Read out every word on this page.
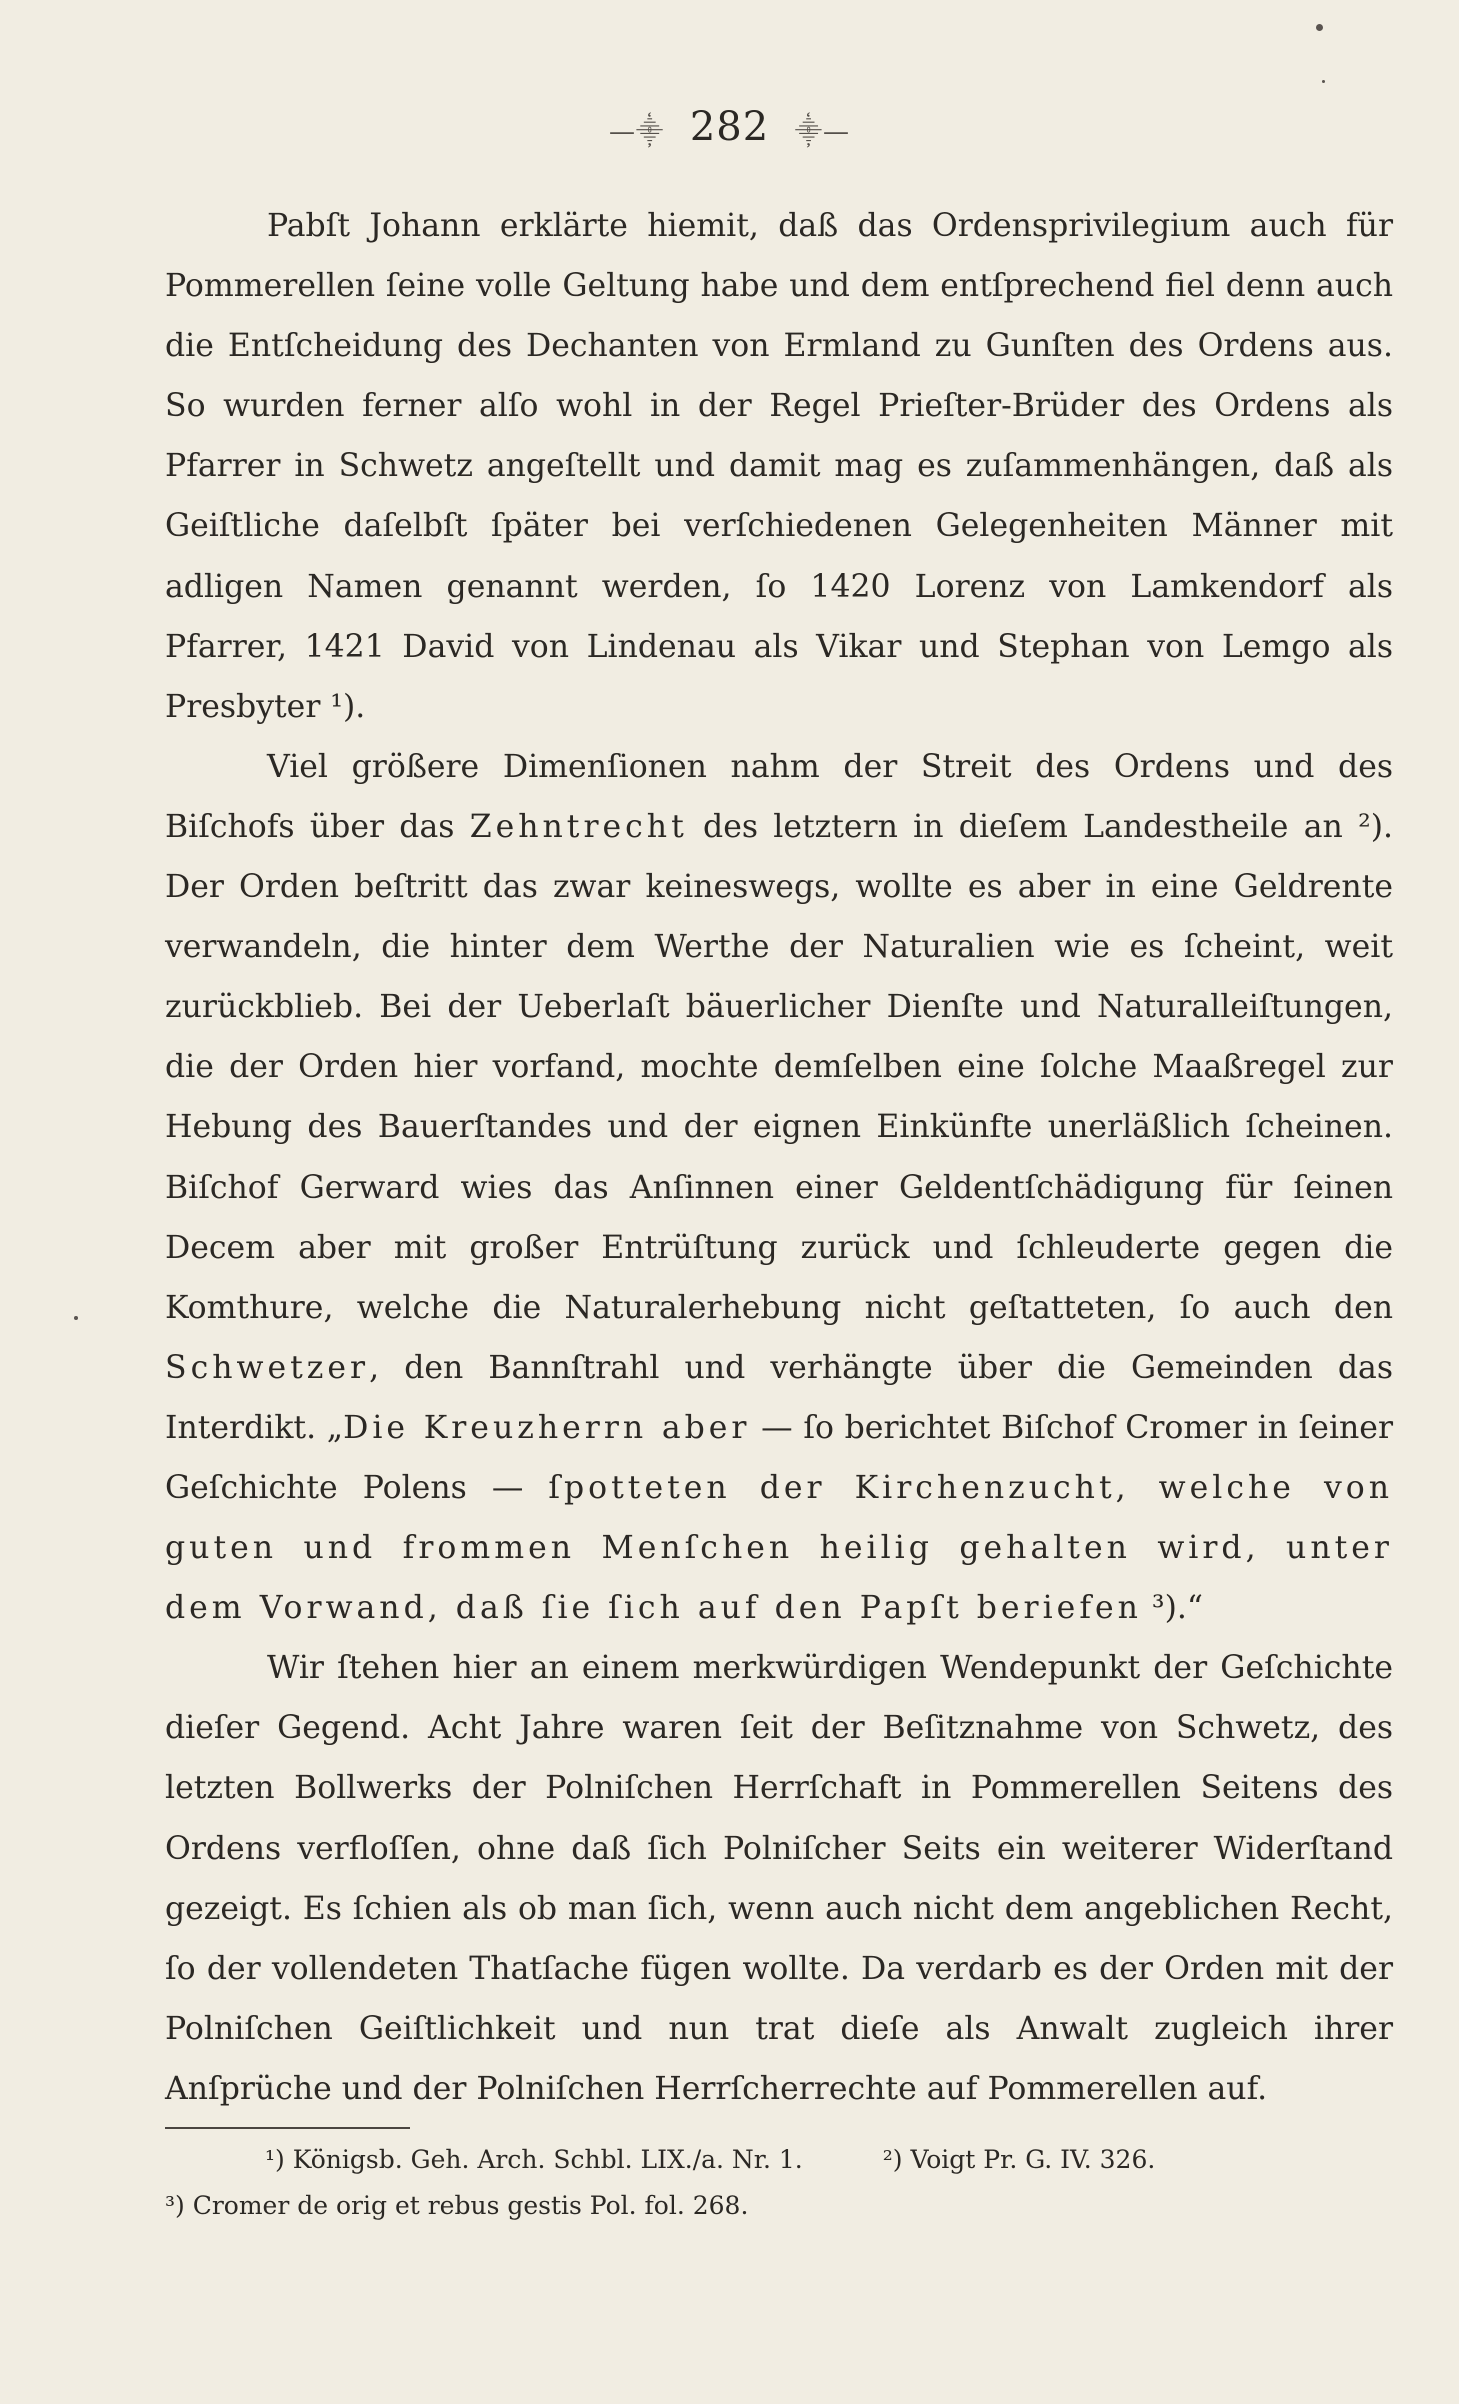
—⸎ 282 ⸎—

Pabſt Johann erklärte hiemit, daß das Ordensprivilegium auch für Pommerellen ſeine volle Geltung habe und dem entſprechend fiel denn auch die Entſcheidung des Dechanten von Ermland zu Gunſten des Ordens aus. So wurden ferner alſo wohl in der Regel Prieſter-Brüder des Ordens als Pfarrer in Schwetz angeſtellt und damit mag es zuſammenhängen, daß als Geiſtliche daſelbſt ſpäter bei verſchiedenen Gelegenheiten Männer mit adligen Namen genannt werden, ſo 1420 Lorenz von Lamkendorf als Pfarrer, 1421 David von Lindenau als Vikar und Stephan von Lemgo als Presbyter ¹).

Viel größere Dimenſionen nahm der Streit des Ordens und des Biſchofs über das Zehntrecht des letztern in dieſem Landestheile an ²). Der Orden beſtritt das zwar keineswegs, wollte es aber in eine Geldrente verwandeln, die hinter dem Werthe der Naturalien wie es ſcheint, weit zurückblieb. Bei der Ueberlaſt bäuerlicher Dienſte und Naturalleiſtungen, die der Orden hier vorfand, mochte demſelben eine ſolche Maaßregel zur Hebung des Bauerſtandes und der eignen Einkünfte unerläßlich ſcheinen. Biſchof Gerward wies das Anſinnen einer Geldentſchädigung für ſeinen Decem aber mit großer Entrüſtung zurück und ſchleuderte gegen die Komthure, welche die Naturalerhebung nicht geſtatteten, ſo auch den Schwetzer, den Bannſtrahl und verhängte über die Gemeinden das Interdikt. „Die Kreuzherrn aber — ſo berichtet Biſchof Cromer in ſeiner Geſchichte Polens — ſpotteten der Kirchenzucht, welche von guten und frommen Menſchen heilig gehalten wird, unter dem Vorwand, daß ſie ſich auf den Papſt beriefen ³).“

Wir ſtehen hier an einem merkwürdigen Wendepunkt der Geſchichte dieſer Gegend. Acht Jahre waren ſeit der Beſitznahme von Schwetz, des letzten Bollwerks der Polniſchen Herrſchaft in Pommerellen Seitens des Ordens verfloſſen, ohne daß ſich Polniſcher Seits ein weiterer Widerſtand gezeigt. Es ſchien als ob man ſich, wenn auch nicht dem angeblichen Recht, ſo der vollendeten Thatſache fügen wollte. Da verdarb es der Orden mit der Polniſchen Geiſtlichkeit und nun trat dieſe als Anwalt zugleich ihrer Anſprüche und der Polniſchen Herrſcherrechte auf Pommerellen auf.

¹) Königsb. Geh. Arch. Schbl. LIX./a. Nr. 1.	²) Voigt Pr. G. IV. 326.
³) Cromer de orig et rebus gestis Pol. fol. 268.
